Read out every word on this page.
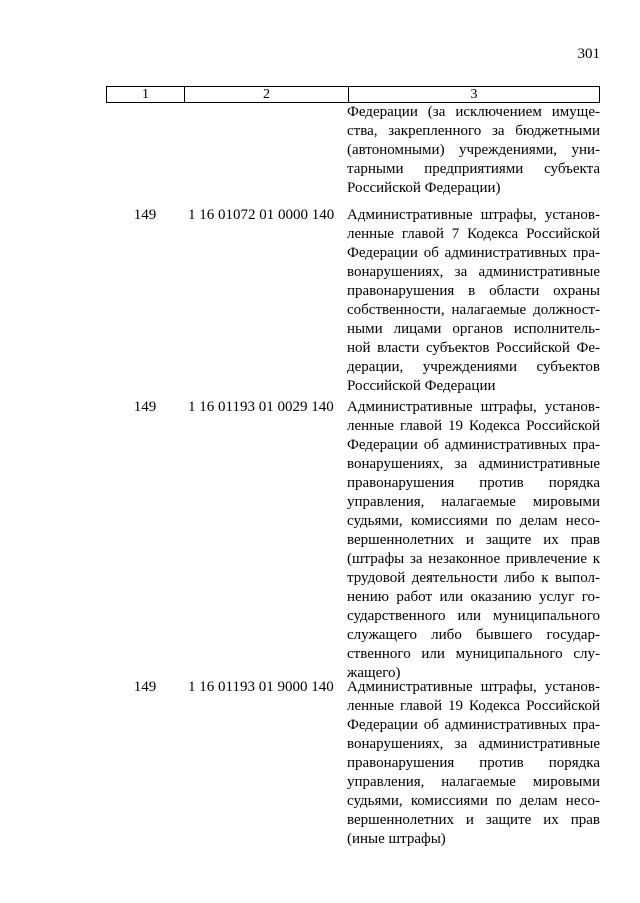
301
1	2	3
Федерации (за исключением имуще-
ства, закрепленного за бюджетными
(автономными) учреждениями, уни-
тарными предприятиями субъекта
Российской Федерации)
149	1 16 01072 01 0000 140 Административные штрафы, установ-
ленные главой 7 Кодекса Российской
Федерации об административных пра-
вонарушениях, за административные
правонарушения в области охраны
собственности, налагаемые должност-
ными лицами органов исполнитель-
ной власти субъектов Российской Фе-
дерации, учреждениями субъектов
Российской Федерации
149	1 16 01193 01 0029 140 Административные штрафы, установ-
ленные главой 19 Кодекса Российской
Федерации об административных пра-
вонарушениях, за административные
правонарушения против порядка
управления, налагаемые мировыми
судьями, комиссиями по делам несо-
вершеннолетних и защите их прав
(штрафы за незаконное привлечение к
трудовой деятельности либо к выпол-
нению работ или оказанию услуг го-
сударственного или муниципального
служащего либо бывшего государ-
ственного или муниципального слу-
жащего)
149	1 16 01193 01 9000 140 Административные штрафы, установ-
ленные главой 19 Кодекса Российской
Федерации об административных пра-
вонарушениях, за административные
правонарушения против порядка
управления, налагаемые мировыми
судьями, комиссиями по делам несо-
вершеннолетних и защите их прав
(иные штрафы)
